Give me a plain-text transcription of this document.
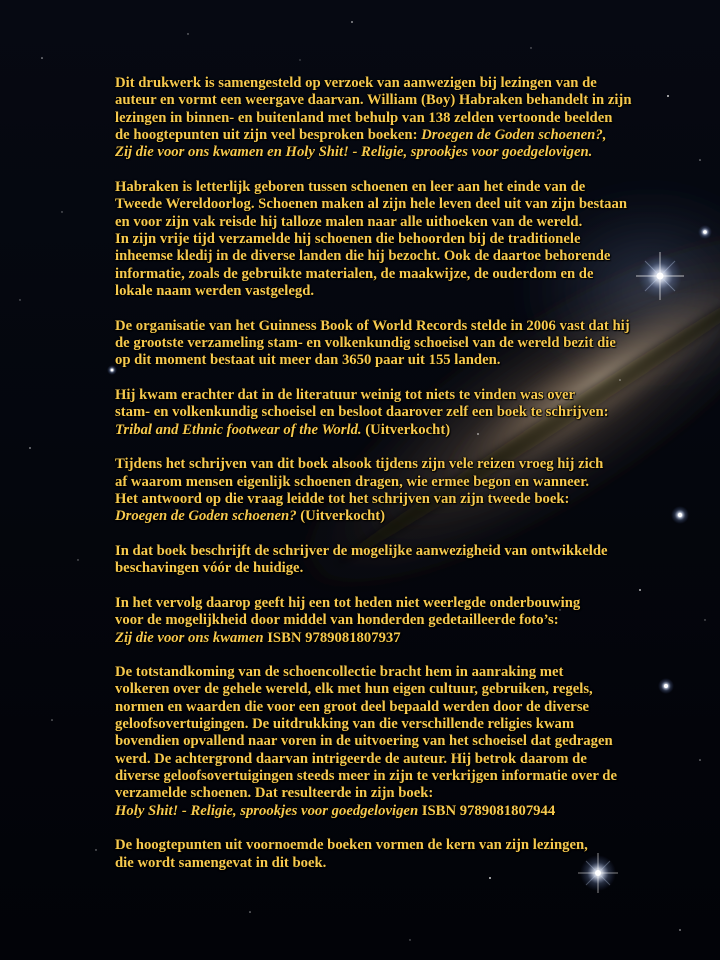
Dit drukwerk is samengesteld op verzoek van aanwezigen bij lezingen van de
auteur en vormt een weergave daarvan. William (Boy) Habraken behandelt in zijn
lezingen in binnen- en buitenland met behulp van 138 zelden vertoonde beelden
de hoogtepunten uit zijn veel besproken boeken: Droegen de Goden schoenen?,
Zij die voor ons kwamen en Holy Shit! - Religie, sprookjes voor goedgelovigen.
Habraken is letterlijk geboren tussen schoenen en leer aan het einde van de
Tweede Wereldoorlog. Schoenen maken al zijn hele leven deel uit van zijn bestaan
en voor zijn vak reisde hij talloze malen naar alle uithoeken van de wereld.
In zijn vrije tijd verzamelde hij schoenen die behoorden bij de traditionele
inheemse kledij in de diverse landen die hij bezocht. Ook de daartoe behorende
informatie, zoals de gebruikte materialen, de maakwijze, de ouderdom en de
lokale naam werden vastgelegd.
De organisatie van het Guinness Book of World Records stelde in 2006 vast dat hij
de grootste verzameling stam- en volkenkundig schoeisel van de wereld bezit die
op dit moment bestaat uit meer dan 3650 paar uit 155 landen.
Hij kwam erachter dat in de literatuur weinig tot niets te vinden was over
stam- en volkenkundig schoeisel en besloot daarover zelf een boek te schrijven:
Tribal and Ethnic footwear of the World. (Uitverkocht)
Tijdens het schrijven van dit boek alsook tijdens zijn vele reizen vroeg hij zich
af waarom mensen eigenlijk schoenen dragen, wie ermee begon en wanneer.
Het antwoord op die vraag leidde tot het schrijven van zijn tweede boek:
Droegen de Goden schoenen? (Uitverkocht)
In dat boek beschrijft de schrijver de mogelijke aanwezigheid van ontwikkelde
beschavingen vóór de huidige.
In het vervolg daarop geeft hij een tot heden niet weerlegde onderbouwing
voor de mogelijkheid door middel van honderden gedetailleerde foto’s:
Zij die voor ons kwamen ISBN 9789081807937
De totstandkoming van de schoencollectie bracht hem in aanraking met
volkeren over de gehele wereld, elk met hun eigen cultuur, gebruiken, regels,
normen en waarden die voor een groot deel bepaald werden door de diverse
geloofsovertuigingen. De uitdrukking van die verschillende religies kwam
bovendien opvallend naar voren in de uitvoering van het schoeisel dat gedragen
werd. De achtergrond daarvan intrigeerde de auteur. Hij betrok daarom de
diverse geloofsovertuigingen steeds meer in zijn te verkrijgen informatie over de
verzamelde schoenen. Dat resulteerde in zijn boek:
Holy Shit! - Religie, sprookjes voor goedgelovigen ISBN 9789081807944
De hoogtepunten uit voornoemde boeken vormen de kern van zijn lezingen,
die wordt samengevat in dit boek.
